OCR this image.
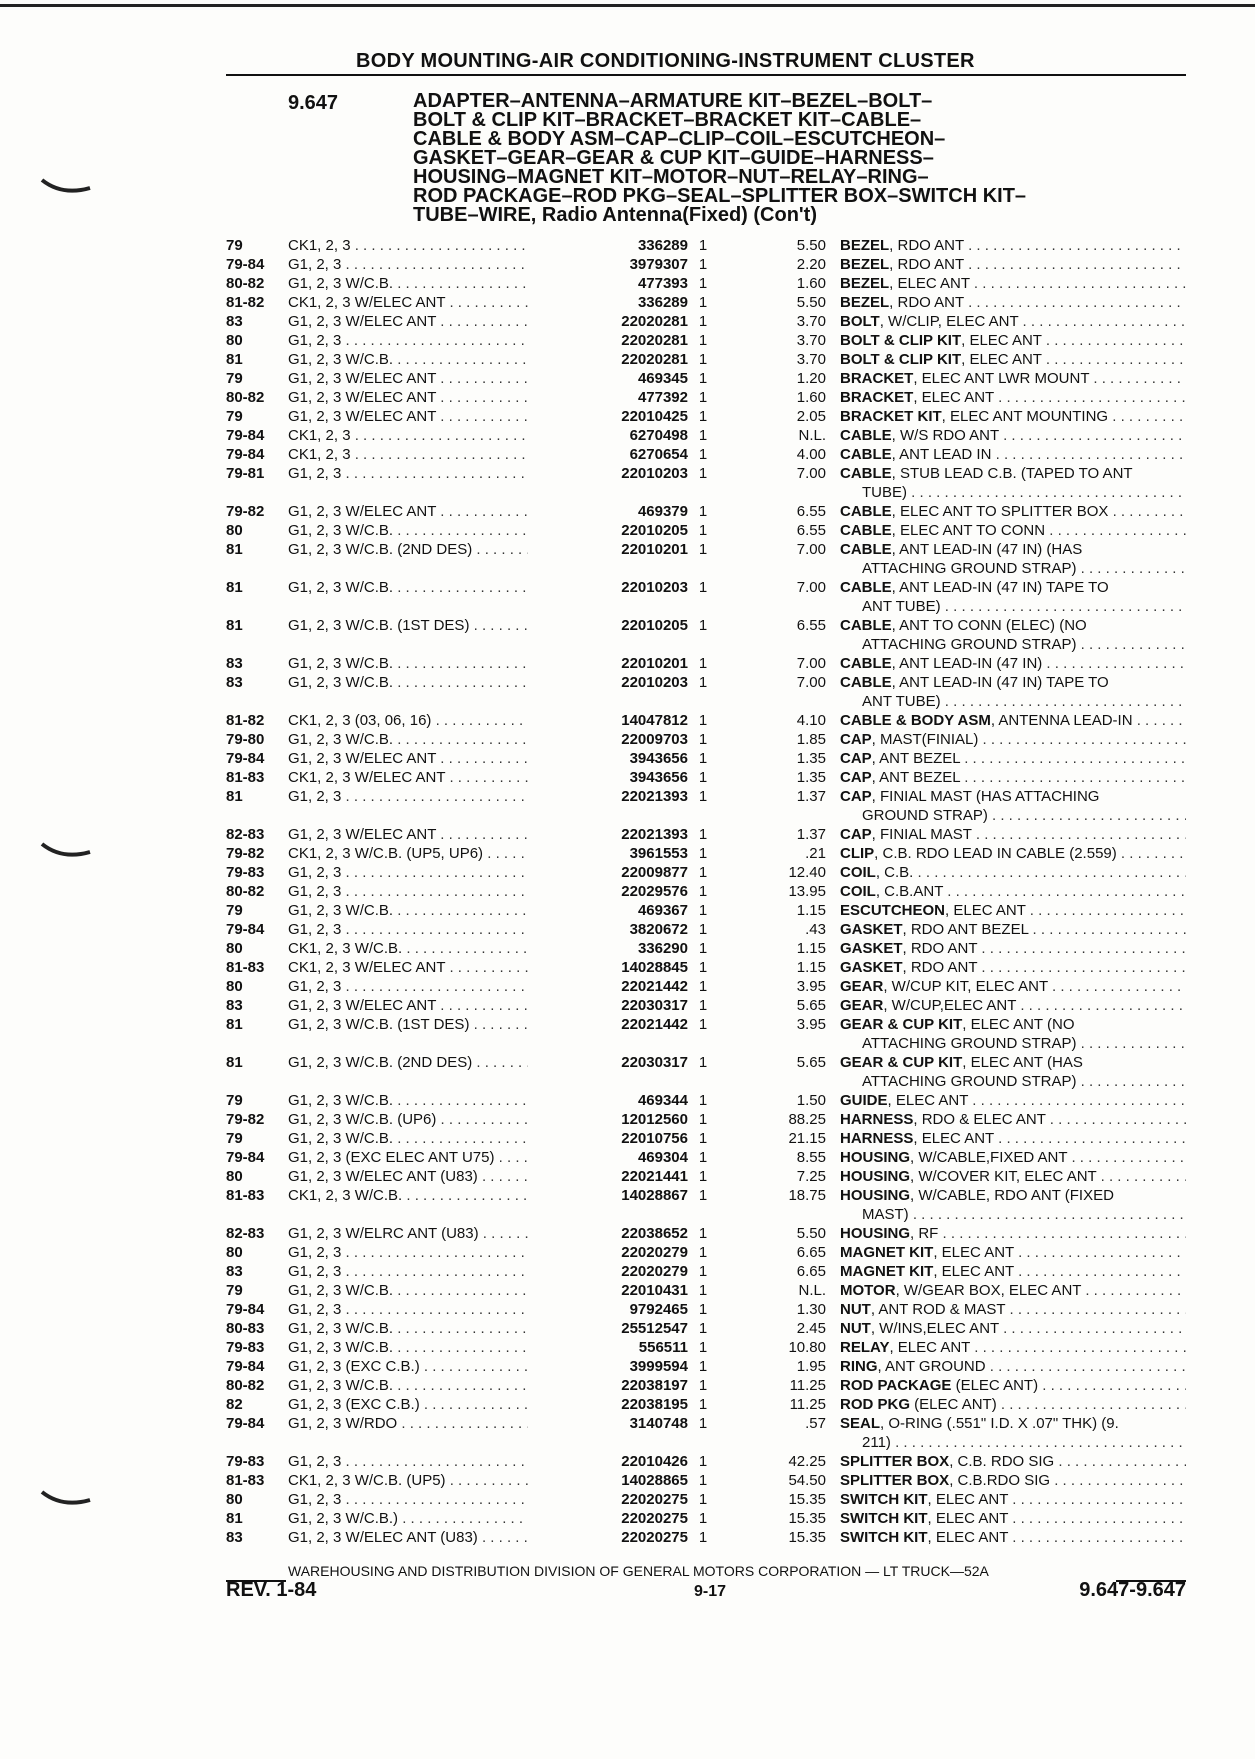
BODY MOUNTING-AIR CONDITIONING-INSTRUMENT CLUSTER
9.647	ADAPTER–ANTENNA–ARMATURE KIT–BEZEL–BOLT–
BOLT & CLIP KIT–BRACKET–BRACKET KIT–CABLE–
CABLE & BODY ASM–CAP–CLIP–COIL–ESCUTCHEON–
GASKET–GEAR–GEAR & CUP KIT–GUIDE–HARNESS–
HOUSING–MAGNET KIT–MOTOR–NUT–RELAY–RING–
ROD PACKAGE–ROD PKG–SEAL–SPLITTER BOX–SWITCH KIT–
TUBE–WIRE, Radio Antenna(Fixed) (Con't)
79	CK1, 2, 3 . . .	336289 1	5.50 BEZEL, RDO ANT . . .
79-84	G1, 2, 3 . . .	3979307 1	2.20 BEZEL, RDO ANT . . .
80-82	G1, 2, 3 W/C.B. . . .	477393 1	1.60 BEZEL, ELEC ANT . . .
81-82	CK1, 2, 3 W/ELEC ANT . . .	336289 1	5.50 BEZEL, RDO ANT . . .
83	G1, 2, 3 W/ELEC ANT . . .	22020281 1	3.70 BOLT, W/CLIP, ELEC ANT . . .
80	G1, 2, 3 . . .	22020281 1	3.70 BOLT & CLIP KIT, ELEC ANT . . .
81	G1, 2, 3 W/C.B. . . .	22020281 1	3.70 BOLT & CLIP KIT, ELEC ANT . . .
79	G1, 2, 3 W/ELEC ANT . . .	469345 1	1.20 BRACKET, ELEC ANT LWR MOUNT . . .
80-82	G1, 2, 3 W/ELEC ANT . . .	477392 1	1.60 BRACKET, ELEC ANT . . .
79	G1, 2, 3 W/ELEC ANT . . .	22010425 1	2.05 BRACKET KIT, ELEC ANT MOUNTING . . .
79-84	CK1, 2, 3 . . .	6270498 1	N.L. CABLE, W/S RDO ANT . . .
79-84	CK1, 2, 3 . . .	6270654 1	4.00 CABLE, ANT LEAD IN . . .
79-81	G1, 2, 3 . . .	22010203 1	7.00 CABLE, STUB LEAD C.B. (TAPED TO ANT
TUBE) . . .
79-82	G1, 2, 3 W/ELEC ANT . . .	469379 1	6.55 CABLE, ELEC ANT TO SPLITTER BOX . . .
80	G1, 2, 3 W/C.B. . . .	22010205 1	6.55 CABLE, ELEC ANT TO CONN . . .
81	G1, 2, 3 W/C.B. (2ND DES) . . .	22010201 1	7.00 CABLE, ANT LEAD-IN (47 IN) (HAS
ATTACHING GROUND STRAP) . . .
81	G1, 2, 3 W/C.B. . . .	22010203 1	7.00 CABLE, ANT LEAD-IN (47 IN) TAPE TO
ANT TUBE) . . .
81	G1, 2, 3 W/C.B. (1ST DES) . . .	22010205 1	6.55 CABLE, ANT TO CONN (ELEC) (NO
ATTACHING GROUND STRAP) . . .
83	G1, 2, 3 W/C.B. . . .	22010201 1	7.00 CABLE, ANT LEAD-IN (47 IN) . . .
83	G1, 2, 3 W/C.B. . . .	22010203 1	7.00 CABLE, ANT LEAD-IN (47 IN) TAPE TO
ANT TUBE) . . .
81-82	CK1, 2, 3 (03, 06, 16) . . .	14047812 1	4.10 CABLE & BODY ASM, ANTENNA LEAD-IN . . .
79-80	G1, 2, 3 W/C.B. . . .	22009703 1	1.85 CAP, MAST(FINIAL) . . .
79-84	G1, 2, 3 W/ELEC ANT . . .	3943656 1	1.35 CAP, ANT BEZEL . . .
81-83	CK1, 2, 3 W/ELEC ANT . . .	3943656 1	1.35 CAP, ANT BEZEL . . .
81	G1, 2, 3 . . .	22021393 1	1.37 CAP, FINIAL MAST (HAS ATTACHING
GROUND STRAP) . . .
82-83	G1, 2, 3 W/ELEC ANT . . .	22021393 1	1.37 CAP, FINIAL MAST . . .
79-82	CK1, 2, 3 W/C.B. (UP5, UP6) . . .	3961553 1	.21 CLIP, C.B. RDO LEAD IN CABLE (2.559) . . .
79-83	G1, 2, 3 . . .	22009877 1	12.40 COIL, C.B. . . .
80-82	G1, 2, 3 . . .	22029576 1	13.95 COIL, C.B.ANT . . .
79	G1, 2, 3 W/C.B. . . .	469367 1	1.15 ESCUTCHEON, ELEC ANT . . .
79-84	G1, 2, 3 . . .	3820672 1	.43 GASKET, RDO ANT BEZEL . . .
80	CK1, 2, 3 W/C.B. . . .	336290 1	1.15 GASKET, RDO ANT . . .
81-83	CK1, 2, 3 W/ELEC ANT . . .	14028845 1	1.15 GASKET, RDO ANT . . .
80	G1, 2, 3 . . .	22021442 1	3.95 GEAR, W/CUP KIT, ELEC ANT . . .
83	G1, 2, 3 W/ELEC ANT . . .	22030317 1	5.65 GEAR, W/CUP,ELEC ANT . . .
81	G1, 2, 3 W/C.B. (1ST DES) . . .	22021442 1	3.95 GEAR & CUP KIT, ELEC ANT (NO
ATTACHING GROUND STRAP) . . .
81	G1, 2, 3 W/C.B. (2ND DES) . . .	22030317 1	5.65 GEAR & CUP KIT, ELEC ANT (HAS
ATTACHING GROUND STRAP) . . .
79	G1, 2, 3 W/C.B. . . .	469344 1	1.50 GUIDE, ELEC ANT . . .
79-82	G1, 2, 3 W/C.B. (UP6) . . .	12012560 1	88.25 HARNESS, RDO & ELEC ANT . . .
79	G1, 2, 3 W/C.B. . . .	22010756 1	21.15 HARNESS, ELEC ANT . . .
79-84	G1, 2, 3 (EXC ELEC ANT U75) . . .	469304 1	8.55 HOUSING, W/CABLE,FIXED ANT . . .
80	G1, 2, 3 W/ELEC ANT (U83) . . .	22021441 1	7.25 HOUSING, W/COVER KIT, ELEC ANT . . .
81-83	CK1, 2, 3 W/C.B. . . .	14028867 1	18.75 HOUSING, W/CABLE, RDO ANT (FIXED
MAST) . . .
82-83	G1, 2, 3 W/ELRC ANT (U83) . . .	22038652 1	5.50 HOUSING, RF . . .
80	G1, 2, 3 . . .	22020279 1	6.65 MAGNET KIT, ELEC ANT . . .
83	G1, 2, 3 . . .	22020279 1	6.65 MAGNET KIT, ELEC ANT . . .
79	G1, 2, 3 W/C.B. . . .	22010431 1	N.L. MOTOR, W/GEAR BOX, ELEC ANT . . .
79-84	G1, 2, 3 . . .	9792465 1	1.30 NUT, ANT ROD & MAST . . .
80-83	G1, 2, 3 W/C.B. . . .	25512547 1	2.45 NUT, W/INS,ELEC ANT . . .
79-83	G1, 2, 3 W/C.B. . . .	556511 1	10.80 RELAY, ELEC ANT . . .
79-84	G1, 2, 3 (EXC C.B.) . . .	3999594 1	1.95 RING, ANT GROUND . . .
80-82	G1, 2, 3 W/C.B. . . .	22038197 1	11.25 ROD PACKAGE (ELEC ANT) . . .
82	G1, 2, 3 (EXC C.B.) . . .	22038195 1	11.25 ROD PKG (ELEC ANT) . . .
79-84	G1, 2, 3 W/RDO . . .	3140748 1	.57 SEAL, O-RING (.551" I.D. X .07" THK) (9.
211) . . .
79-83	G1, 2, 3 . . .	22010426 1	42.25 SPLITTER BOX, C.B. RDO SIG . . .
81-83	CK1, 2, 3 W/C.B. (UP5) . . .	14028865 1	54.50 SPLITTER BOX, C.B.RDO SIG . . .
80	G1, 2, 3 . . .	22020275 1	15.35 SWITCH KIT, ELEC ANT . . .
81	G1, 2, 3 W/C.B.) . . .	22020275 1	15.35 SWITCH KIT, ELEC ANT . . .
83	G1, 2, 3 W/ELEC ANT (U83) . . .	22020275 1	15.35 SWITCH KIT, ELEC ANT . . .
WAREHOUSING AND DISTRIBUTION DIVISION OF GENERAL MOTORS CORPORATION — LT TRUCK—52A
REV. 1-84	9-17	9.647-9.647
